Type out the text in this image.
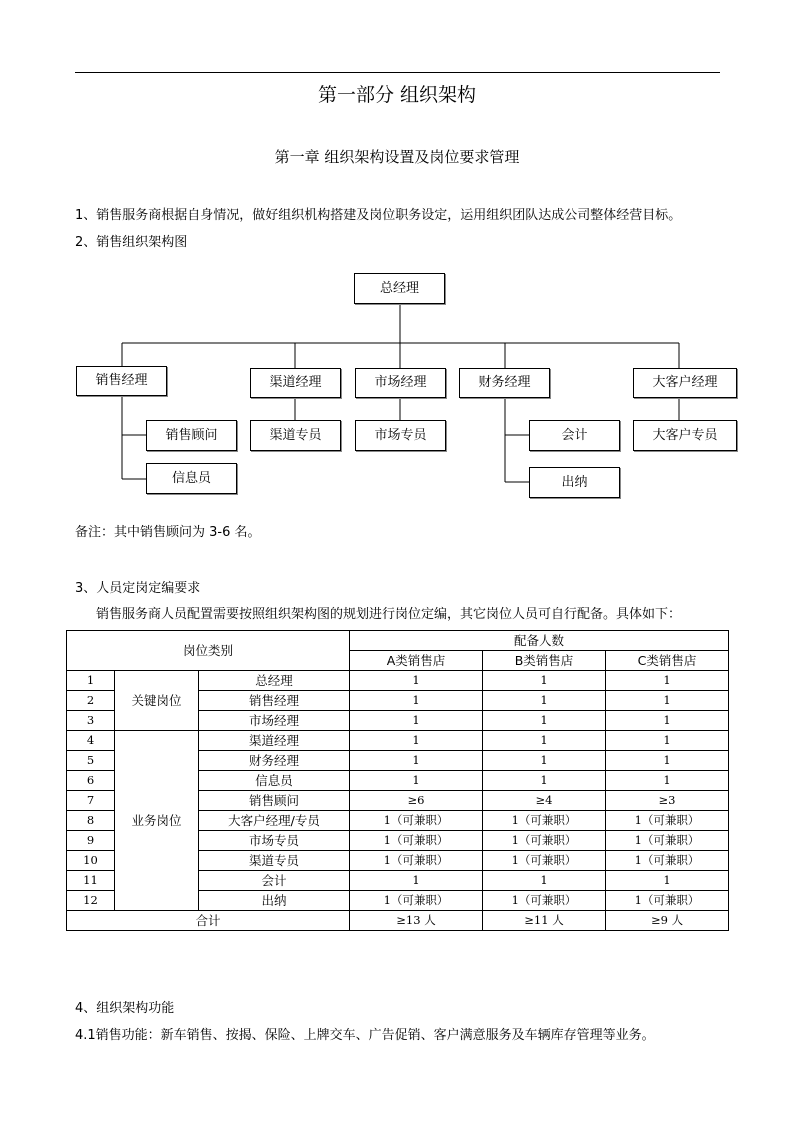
第一部分 组织架构
第一章 组织架构设置及岗位要求管理
1、销售服务商根据自身情况，做好组织机构搭建及岗位职务设定，运用组织团队达成公司整体经营目标。
2、销售组织架构图
总经理
销售经理
销售顾问
信息员
渠道经理
渠道专员
市场经理
市场专员
财务经理
会计
出纳
大客户经理
大客户专员
备注：其中销售顾问为 3-6 名。
3、人员定岗定编要求
销售服务商人员配置需要按照组织架构图的规划进行岗位定编，其它岗位人员可自行配备。具体如下：
岗位类别			配备人数		
			A类销售店	B类销售店	C类销售店
1	关键岗位	总经理	1	1	1
2		销售经理	1	1	1
3		市场经理	1	1	1
4	业务岗位	渠道经理	1	1	1
5		财务经理	1	1	1
6		信息员	1	1	1
7		销售顾问	≥6	≥4	≥3
8		大客户经理/专员	1（可兼职）	1（可兼职）	1（可兼职）
9		市场专员	1（可兼职）	1（可兼职）	1（可兼职）
10		渠道专员	1（可兼职）	1（可兼职）	1（可兼职）
11		会计	1	1	1
12		出纳	1（可兼职）	1（可兼职）	1（可兼职）
合计			≥13 人	≥11 人	≥9 人
4、组织架构功能
4.1销售功能：新车销售、按揭、保险、上牌交车、广告促销、客户满意服务及车辆库存管理等业务。
